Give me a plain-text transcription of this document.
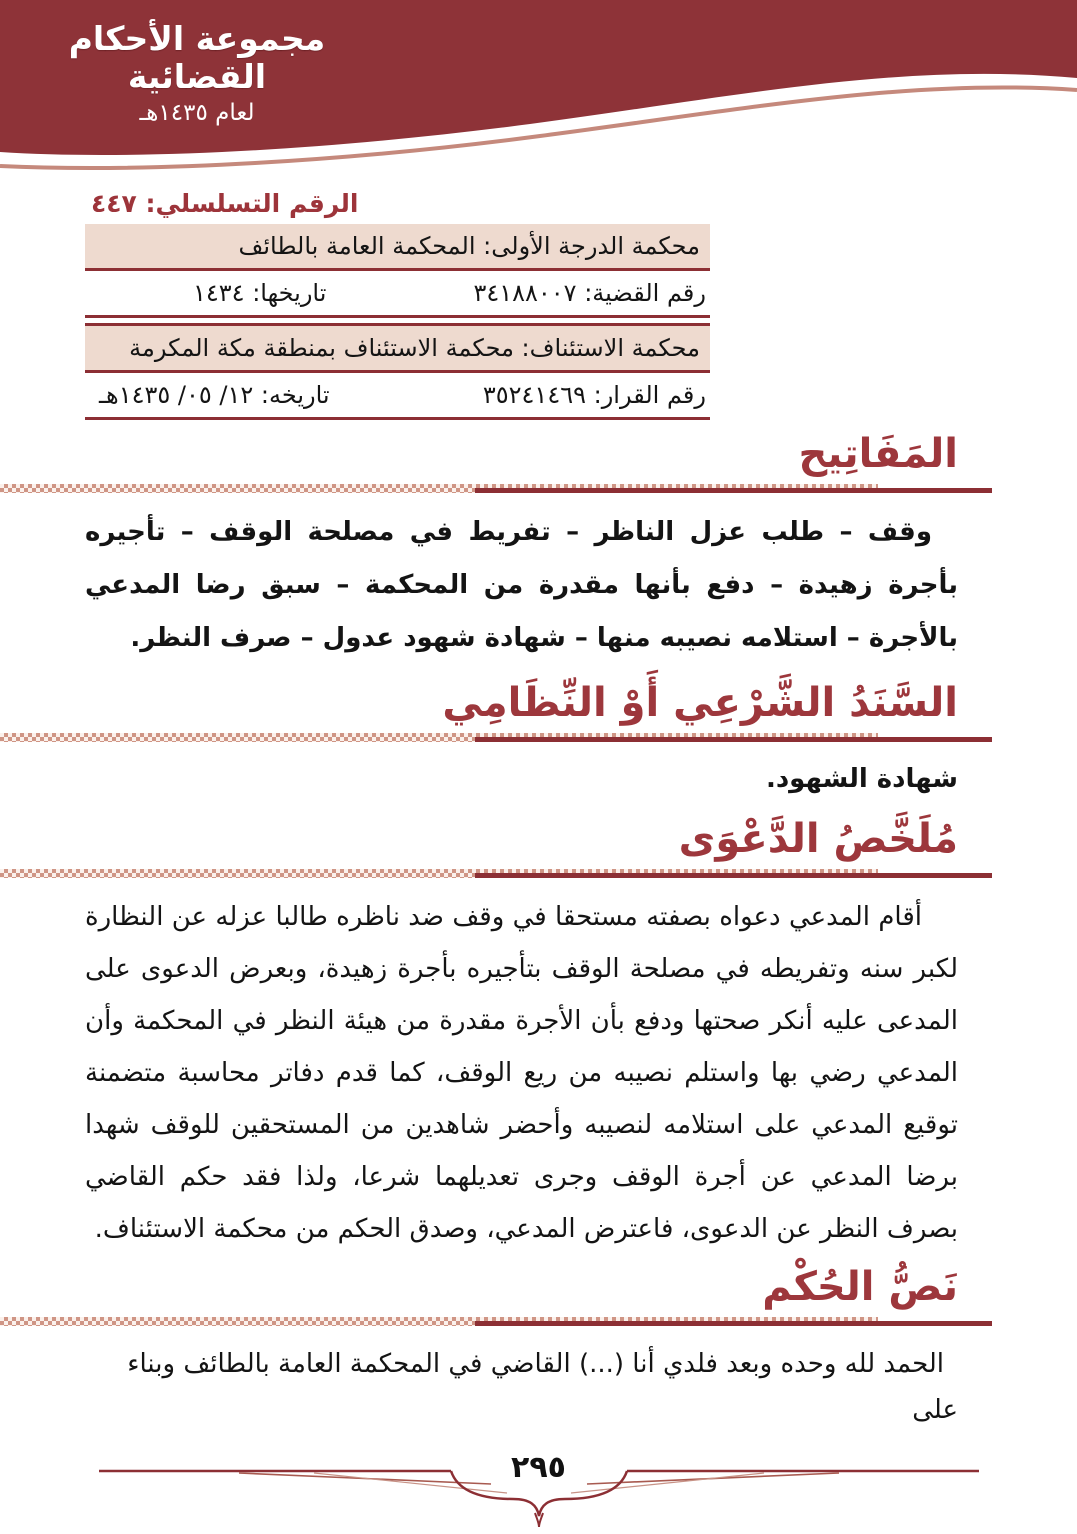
مجموعة الأحكام القضائية
لعام ١٤٣٥هـ
الرقم التسلسلي: ٤٤٧
محكمة الدرجة الأولى: المحكمة العامة بالطائف
رقم القضية: ٣٤١٨٨٠٠٧
تاريخها: ١٤٣٤
محكمة الاستئناف: محكمة الاستئناف بمنطقة مكة المكرمة
رقم القرار: ٣٥٢٤١٤٦٩
تاريخه: ١٢/ ٠٥/ ١٤٣٥هـ
المَفَاتِيح

وقف – طلب عزل الناظر – تفريط في مصلحة الوقف – تأجيره بأجرة زهيدة – دفع بأنها مقدرة من المحكمة – سبق رضا المدعي بالأجرة – استلامه نصيبه منها – شهادة شهود عدول – صرف النظر.

السَّنَدُ الشَّرْعِي أَوْ النِّظَامِي

شهادة الشهود.

مُلَخَّصُ الدَّعْوَى

أقام المدعي دعواه بصفته مستحقا في وقف ضد ناظره طالبا عزله عن النظارة لكبر سنه وتفريطه في مصلحة الوقف بتأجيره بأجرة زهيدة، وبعرض الدعوى على المدعى عليه أنكر صحتها ودفع بأن الأجرة مقدرة من هيئة النظر في المحكمة وأن المدعي رضي بها واستلم نصيبه من ريع الوقف، كما قدم دفاتر محاسبة متضمنة توقيع المدعي على استلامه لنصيبه وأحضر شاهدين من المستحقين للوقف شهدا برضا المدعي عن أجرة الوقف وجرى تعديلهما شرعا، ولذا فقد حكم القاضي بصرف النظر عن الدعوى، فاعترض المدعي، وصدق الحكم من محكمة الاستئناف.

نَصُّ الحُكْم

الحمد لله وحده وبعد فلدي أنا (...) القاضي في المحكمة العامة بالطائف وبناء على

٢٩٥
